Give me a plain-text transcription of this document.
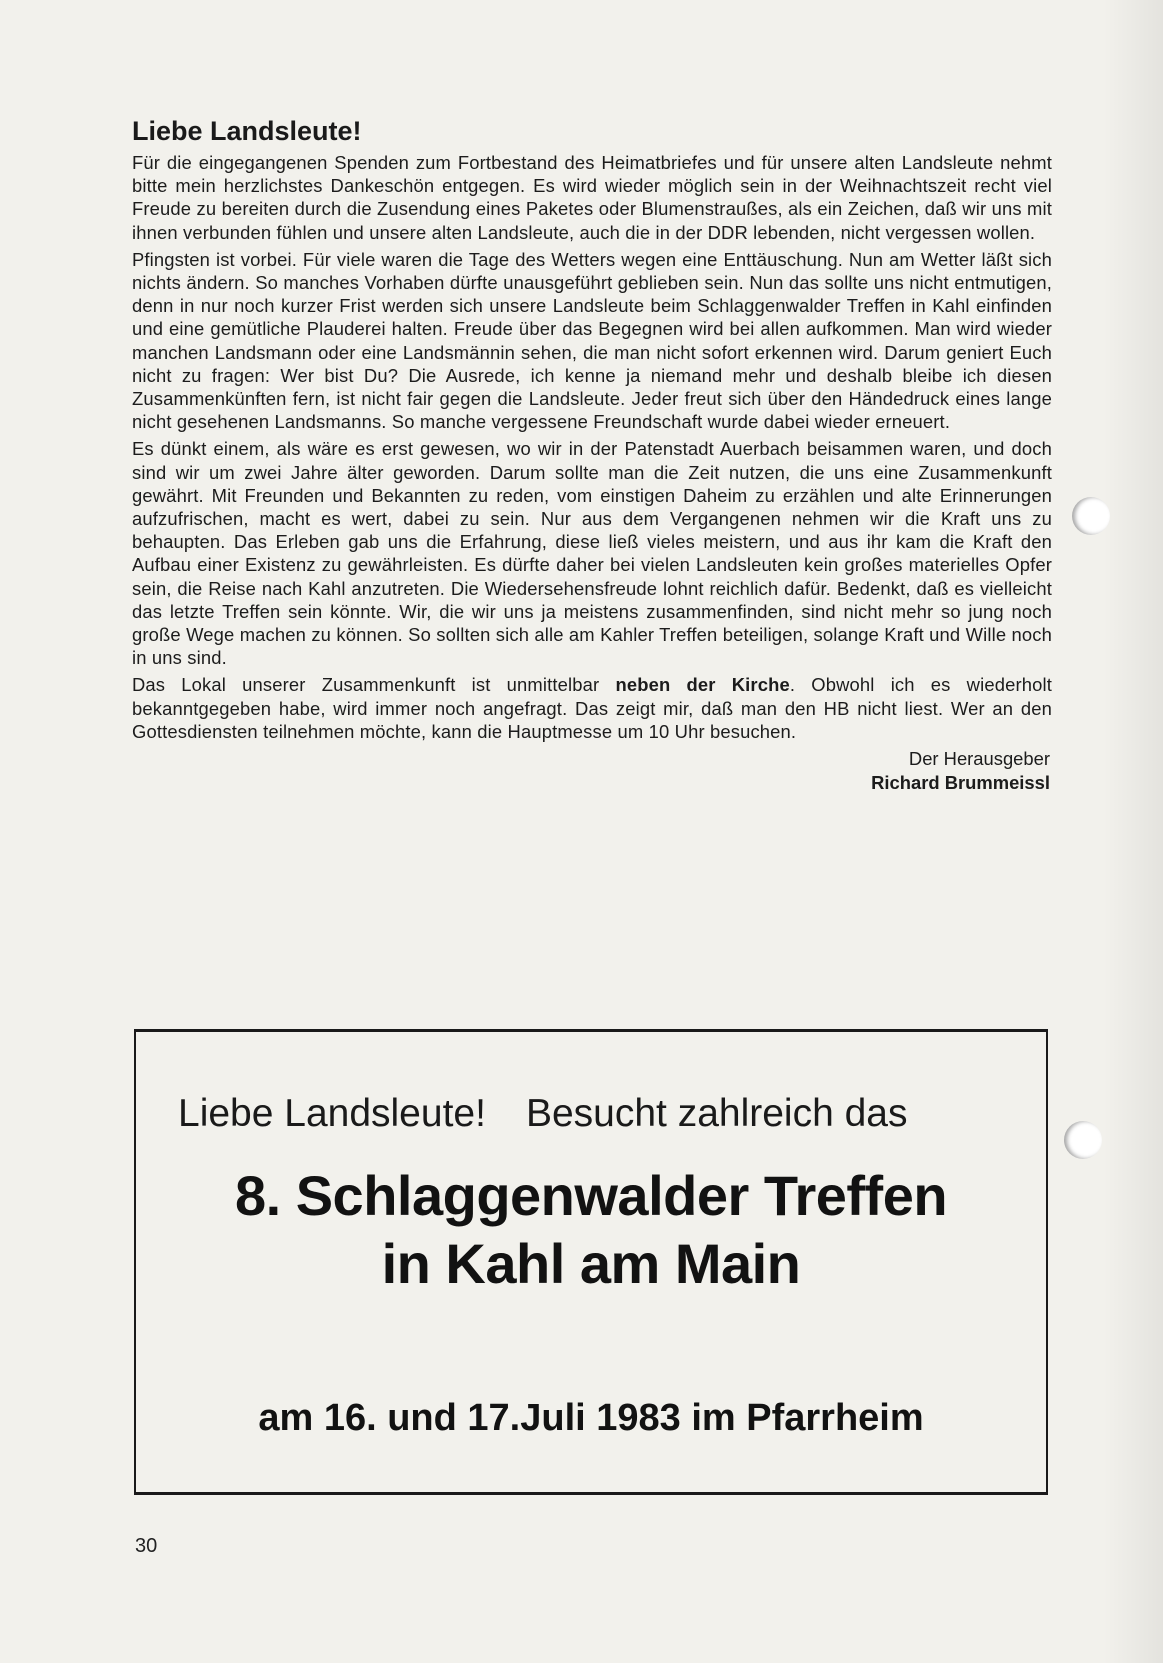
Liebe Landsleute!

Für die eingegangenen Spenden zum Fortbestand des Heimatbriefes und für unsere alten Landsleute nehmt bitte mein herzlichstes Dankeschön entgegen. Es wird wieder möglich sein in der Weihnachtszeit recht viel Freude zu bereiten durch die Zusendung eines Paketes oder Blumenstraußes, als ein Zeichen, daß wir uns mit ihnen verbunden fühlen und unsere alten Landsleute, auch die in der DDR lebenden, nicht vergessen wollen.

Pfingsten ist vorbei. Für viele waren die Tage des Wetters wegen eine Enttäuschung. Nun am Wetter läßt sich nichts ändern. So manches Vorhaben dürfte unausgeführt geblieben sein. Nun das sollte uns nicht entmutigen, denn in nur noch kurzer Frist werden sich unsere Landsleute beim Schlaggenwalder Treffen in Kahl einfinden und eine gemütliche Plauderei halten. Freude über das Begegnen wird bei allen aufkommen. Man wird wieder manchen Landsmann oder eine Landsmännin sehen, die man nicht sofort erkennen wird. Darum geniert Euch nicht zu fragen: Wer bist Du? Die Ausrede, ich kenne ja niemand mehr und deshalb bleibe ich diesen Zusammenkünften fern, ist nicht fair gegen die Landsleute. Jeder freut sich über den Händedruck eines lange nicht gesehenen Landsmanns. So manche vergessene Freundschaft wurde dabei wieder erneuert.

Es dünkt einem, als wäre es erst gewesen, wo wir in der Patenstadt Auerbach beisammen waren, und doch sind wir um zwei Jahre älter geworden. Darum sollte man die Zeit nutzen, die uns eine Zusammenkunft gewährt. Mit Freunden und Bekannten zu reden, vom einstigen Daheim zu erzählen und alte Erinnerungen aufzufrischen, macht es wert, dabei zu sein. Nur aus dem Vergangenen nehmen wir die Kraft uns zu behaupten. Das Erleben gab uns die Erfahrung, diese ließ vieles meistern, und aus ihr kam die Kraft den Aufbau einer Existenz zu gewährleisten. Es dürfte daher bei vielen Landsleuten kein großes materielles Opfer sein, die Reise nach Kahl anzutreten. Die Wiedersehensfreude lohnt reichlich dafür. Bedenkt, daß es vielleicht das letzte Treffen sein könnte. Wir, die wir uns ja meistens zusammenfinden, sind nicht mehr so jung noch große Wege machen zu können. So sollten sich alle am Kahler Treffen beteiligen, solange Kraft und Wille noch in uns sind.

Das Lokal unserer Zusammenkunft ist unmittelbar neben der Kirche. Obwohl ich es wiederholt bekanntgegeben habe, wird immer noch angefragt. Das zeigt mir, daß man den HB nicht liest. Wer an den Gottesdiensten teilnehmen möchte, kann die Hauptmesse um 10 Uhr besuchen.

Der Herausgeber
Richard Brummeissl
Liebe Landsleute! Besucht zahlreich das
8. Schlaggenwalder Treffen
in Kahl am Main
am 16. und 17.Juli 1983 im Pfarrheim
30
